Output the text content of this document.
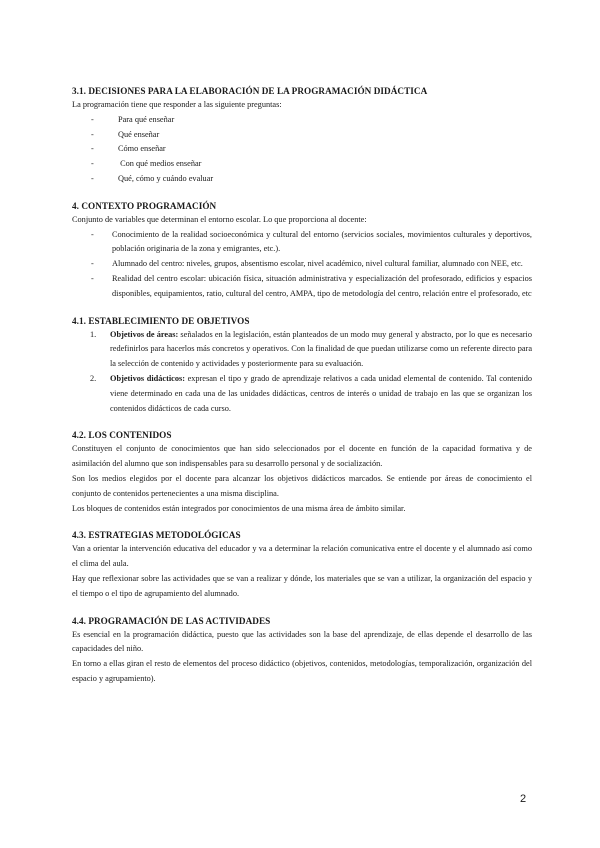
3.1. DECISIONES PARA LA ELABORACIÓN DE LA PROGRAMACIÓN DIDÁCTICA

La programación tiene que responder a las siguiente preguntas:

-	Para qué enseñar
-	Qué enseñar
-	Cómo enseñar
-	Con qué medios enseñar
-	Qué, cómo y cuándo evaluar
4. CONTEXTO PROGRAMACIÓN

Conjunto de variables que determinan el entorno escolar. Lo que proporciona al docente:

- Conocimiento de la realidad socioeconómica y cultural del entorno (servicios sociales, movimientos culturales y deportivos, población originaria de la zona y emigrantes, etc.).
- Alumnado del centro: niveles, grupos, absentismo escolar, nivel académico, nivel cultural familiar, alumnado con NEE, etc.
- Realidad del centro escolar: ubicación física, situación administrativa y especialización del profesorado, edificios y espacios disponibles, equipamientos, ratio, cultural del centro, AMPA, tipo de metodología del centro, relación entre el profesorado, etc
4.1. ESTABLECIMIENTO DE OBJETIVOS
1. Objetivos de áreas: señalados en la legislación, están planteados de un modo muy general y abstracto, por lo que es necesario redefinirlos para hacerlos más concretos y operativos. Con la finalidad de que puedan utilizarse como un referente directo para la selección de contenido y actividades y posteriormente para su evaluación.
2. Objetivos didácticos: expresan el tipo y grado de aprendizaje relativos a cada unidad elemental de contenido. Tal contenido viene determinado en cada una de las unidades didácticas, centros de interés o unidad de trabajo en las que se organizan los contenidos didácticos de cada curso.
4.2. LOS CONTENIDOS

Constituyen el conjunto de conocimientos que han sido seleccionados por el docente en función de la capacidad formativa y de asimilación del alumno que son indispensables para su desarrollo personal y de socialización.

Son los medios elegidos por el docente para alcanzar los objetivos didácticos marcados. Se entiende por áreas de conocimiento el conjunto de contenidos pertenecientes a una misma disciplina.

Los bloques de contenidos están integrados por conocimientos de una misma área de ámbito similar.

4.3. ESTRATEGIAS METODOLÓGICAS

Van a orientar la intervención educativa del educador y va a determinar la relación comunicativa entre el docente y el alumnado así como el clima del aula.

Hay que reflexionar sobre las actividades que se van a realizar y dónde, los materiales que se van a utilizar, la organización del espacio y el tiempo o el tipo de agrupamiento del alumnado.

4.4. PROGRAMACIÓN DE LAS ACTIVIDADES

Es esencial en la programación didáctica, puesto que las actividades son la base del aprendizaje, de ellas depende el desarrollo de las capacidades del niño.

En torno a ellas giran el resto de elementos del proceso didáctico (objetivos, contenidos, metodologías, temporalización, organización del espacio y agrupamiento).

2
